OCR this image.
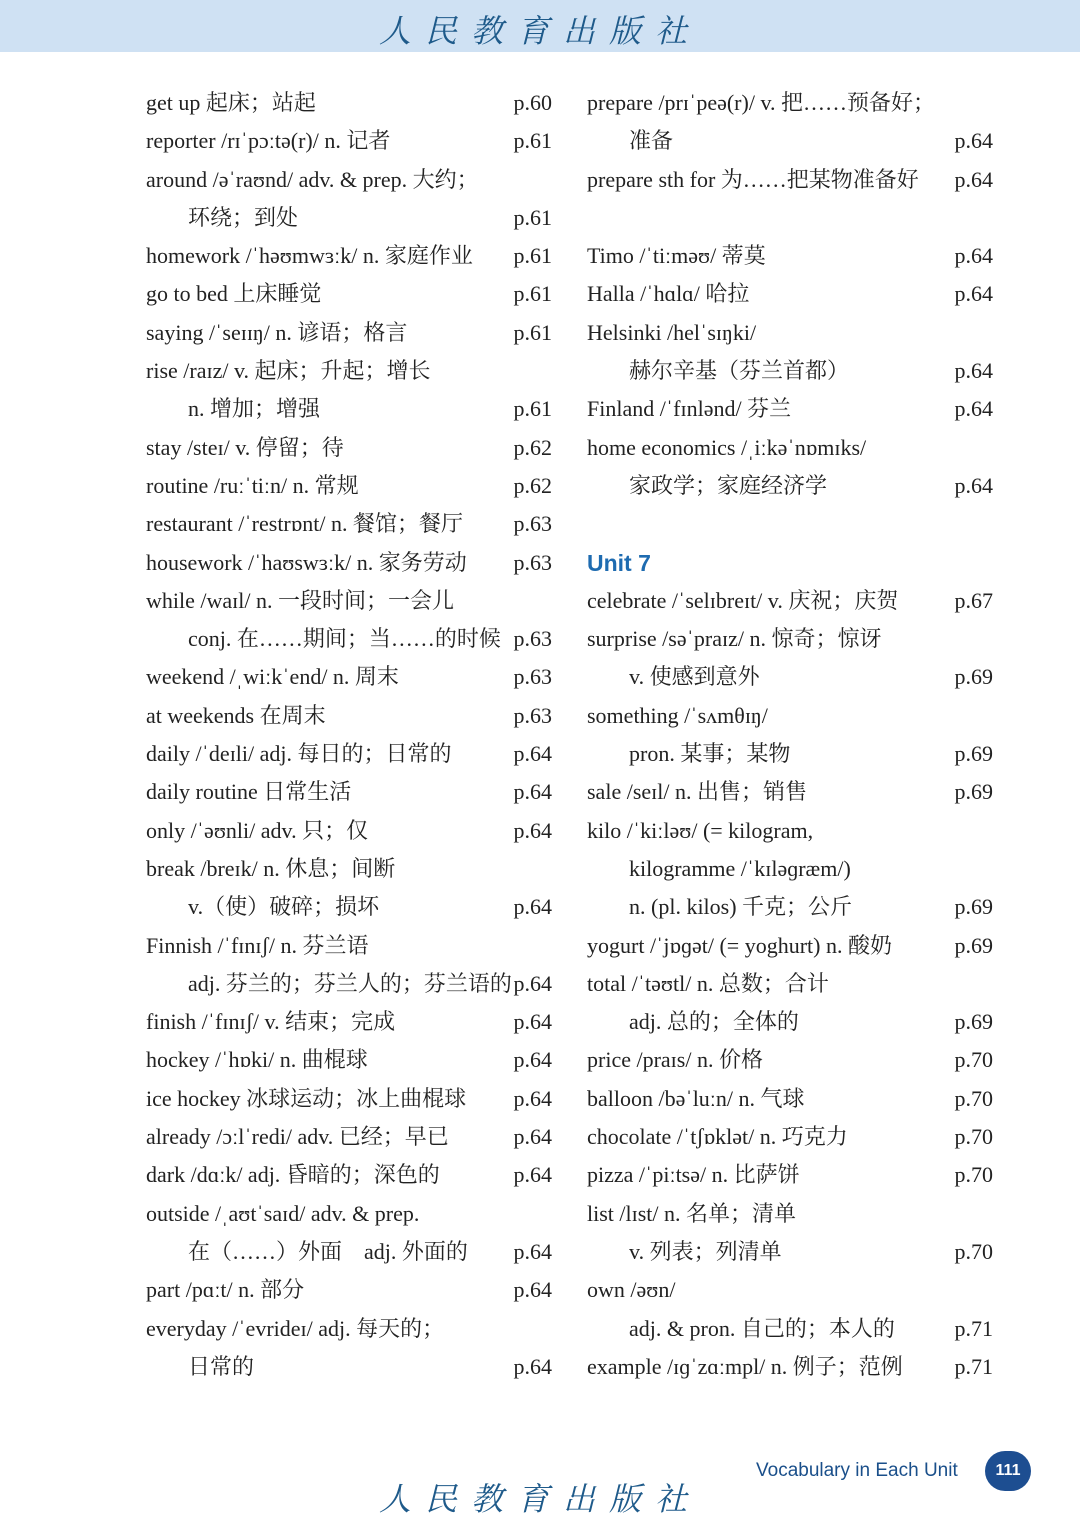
人民教育出版社
get up 起床；站起	p.60
reporter /rɪˈpɔːtə(r)/ n. 记者	p.61
around /əˈraʊnd/ adv. & prep. 大约；
环绕；到处	p.61
homework /ˈhəʊmwɜːk/ n. 家庭作业 p.61
go to bed 上床睡觉	p.61
saying /ˈseɪɪŋ/ n. 谚语；格言	p.61
rise /raɪz/ v. 起床；升起；增长
n. 增加；增强	p.61
stay /steɪ/ v. 停留；待	p.62
routine /ruːˈtiːn/ n. 常规	p.62
restaurant /ˈrestrɒnt/ n. 餐馆；餐厅 p.63
housework /ˈhaʊswɜːk/ n. 家务劳动 p.63
while /waɪl/ n. 一段时间；一会儿
conj. 在……期间；当……的时候 p.63
weekend /ˌwiːkˈend/ n. 周末	p.63
at weekends 在周末	p.63
daily /ˈdeɪli/ adj. 每日的；日常的	p.64
daily routine 日常生活	p.64
only /ˈəʊnli/ adv. 只；仅	p.64
break /breɪk/ n. 休息；间断
v.（使）破碎；损坏	p.64
Finnish /ˈfɪnɪʃ/ n. 芬兰语
adj. 芬兰的；芬兰人的；芬兰语的 p.64
finish /ˈfɪnɪʃ/ v. 结束；完成	p.64
hockey /ˈhɒki/ n. 曲棍球	p.64
ice hockey 冰球运动；冰上曲棍球 p.64
already /ɔːlˈredi/ adv. 已经；早已	p.64
dark /dɑːk/ adj. 昏暗的；深色的	p.64
outside /ˌaʊtˈsaɪd/ adv. & prep.
在（……）外面　adj. 外面的 p.64
part /pɑːt/ n. 部分	p.64
everyday /ˈevrideɪ/ adj. 每天的；
日常的	p.64
prepare /prɪˈpeə(r)/ v. 把……预备好；
准备	p.64
prepare sth for 为……把某物准备好 p.64
Timo /ˈtiːməʊ/ 蒂莫	p.64
Halla /ˈhɑlɑ/ 哈拉	p.64
Helsinki /helˈsɪŋki/
赫尔辛基（芬兰首都）	p.64
Finland /ˈfɪnlənd/ 芬兰	p.64
home economics /ˌiːkəˈnɒmɪks/
家政学；家庭经济学	p.64
Unit 7
celebrate /ˈselɪbreɪt/ v. 庆祝；庆贺	p.67
surprise /səˈpraɪz/ n. 惊奇；惊讶
v. 使感到意外	p.69
something /ˈsʌmθɪŋ/
pron. 某事；某物	p.69
sale /seɪl/ n. 出售；销售	p.69
kilo /ˈkiːləʊ/ (= kilogram,
kilogramme /ˈkɪləɡræm/)
n. (pl. kilos) 千克；公斤	p.69
yogurt /ˈjɒɡət/ (= yoghurt) n. 酸奶	p.69
total /ˈtəʊtl/ n. 总数；合计
adj. 总的；全体的	p.69
price /praɪs/ n. 价格	p.70
balloon /bəˈluːn/ n. 气球	p.70
chocolate /ˈtʃɒklət/ n. 巧克力	p.70
pizza /ˈpiːtsə/ n. 比萨饼	p.70
list /lɪst/ n. 名单；清单
v. 列表；列清单	p.70
own /əʊn/
adj. & pron. 自己的；本人的	p.71
example /ɪɡˈzɑːmpl/ n. 例子；范例 p.71
人民教育出版社
Vocabulary in Each Unit	111
